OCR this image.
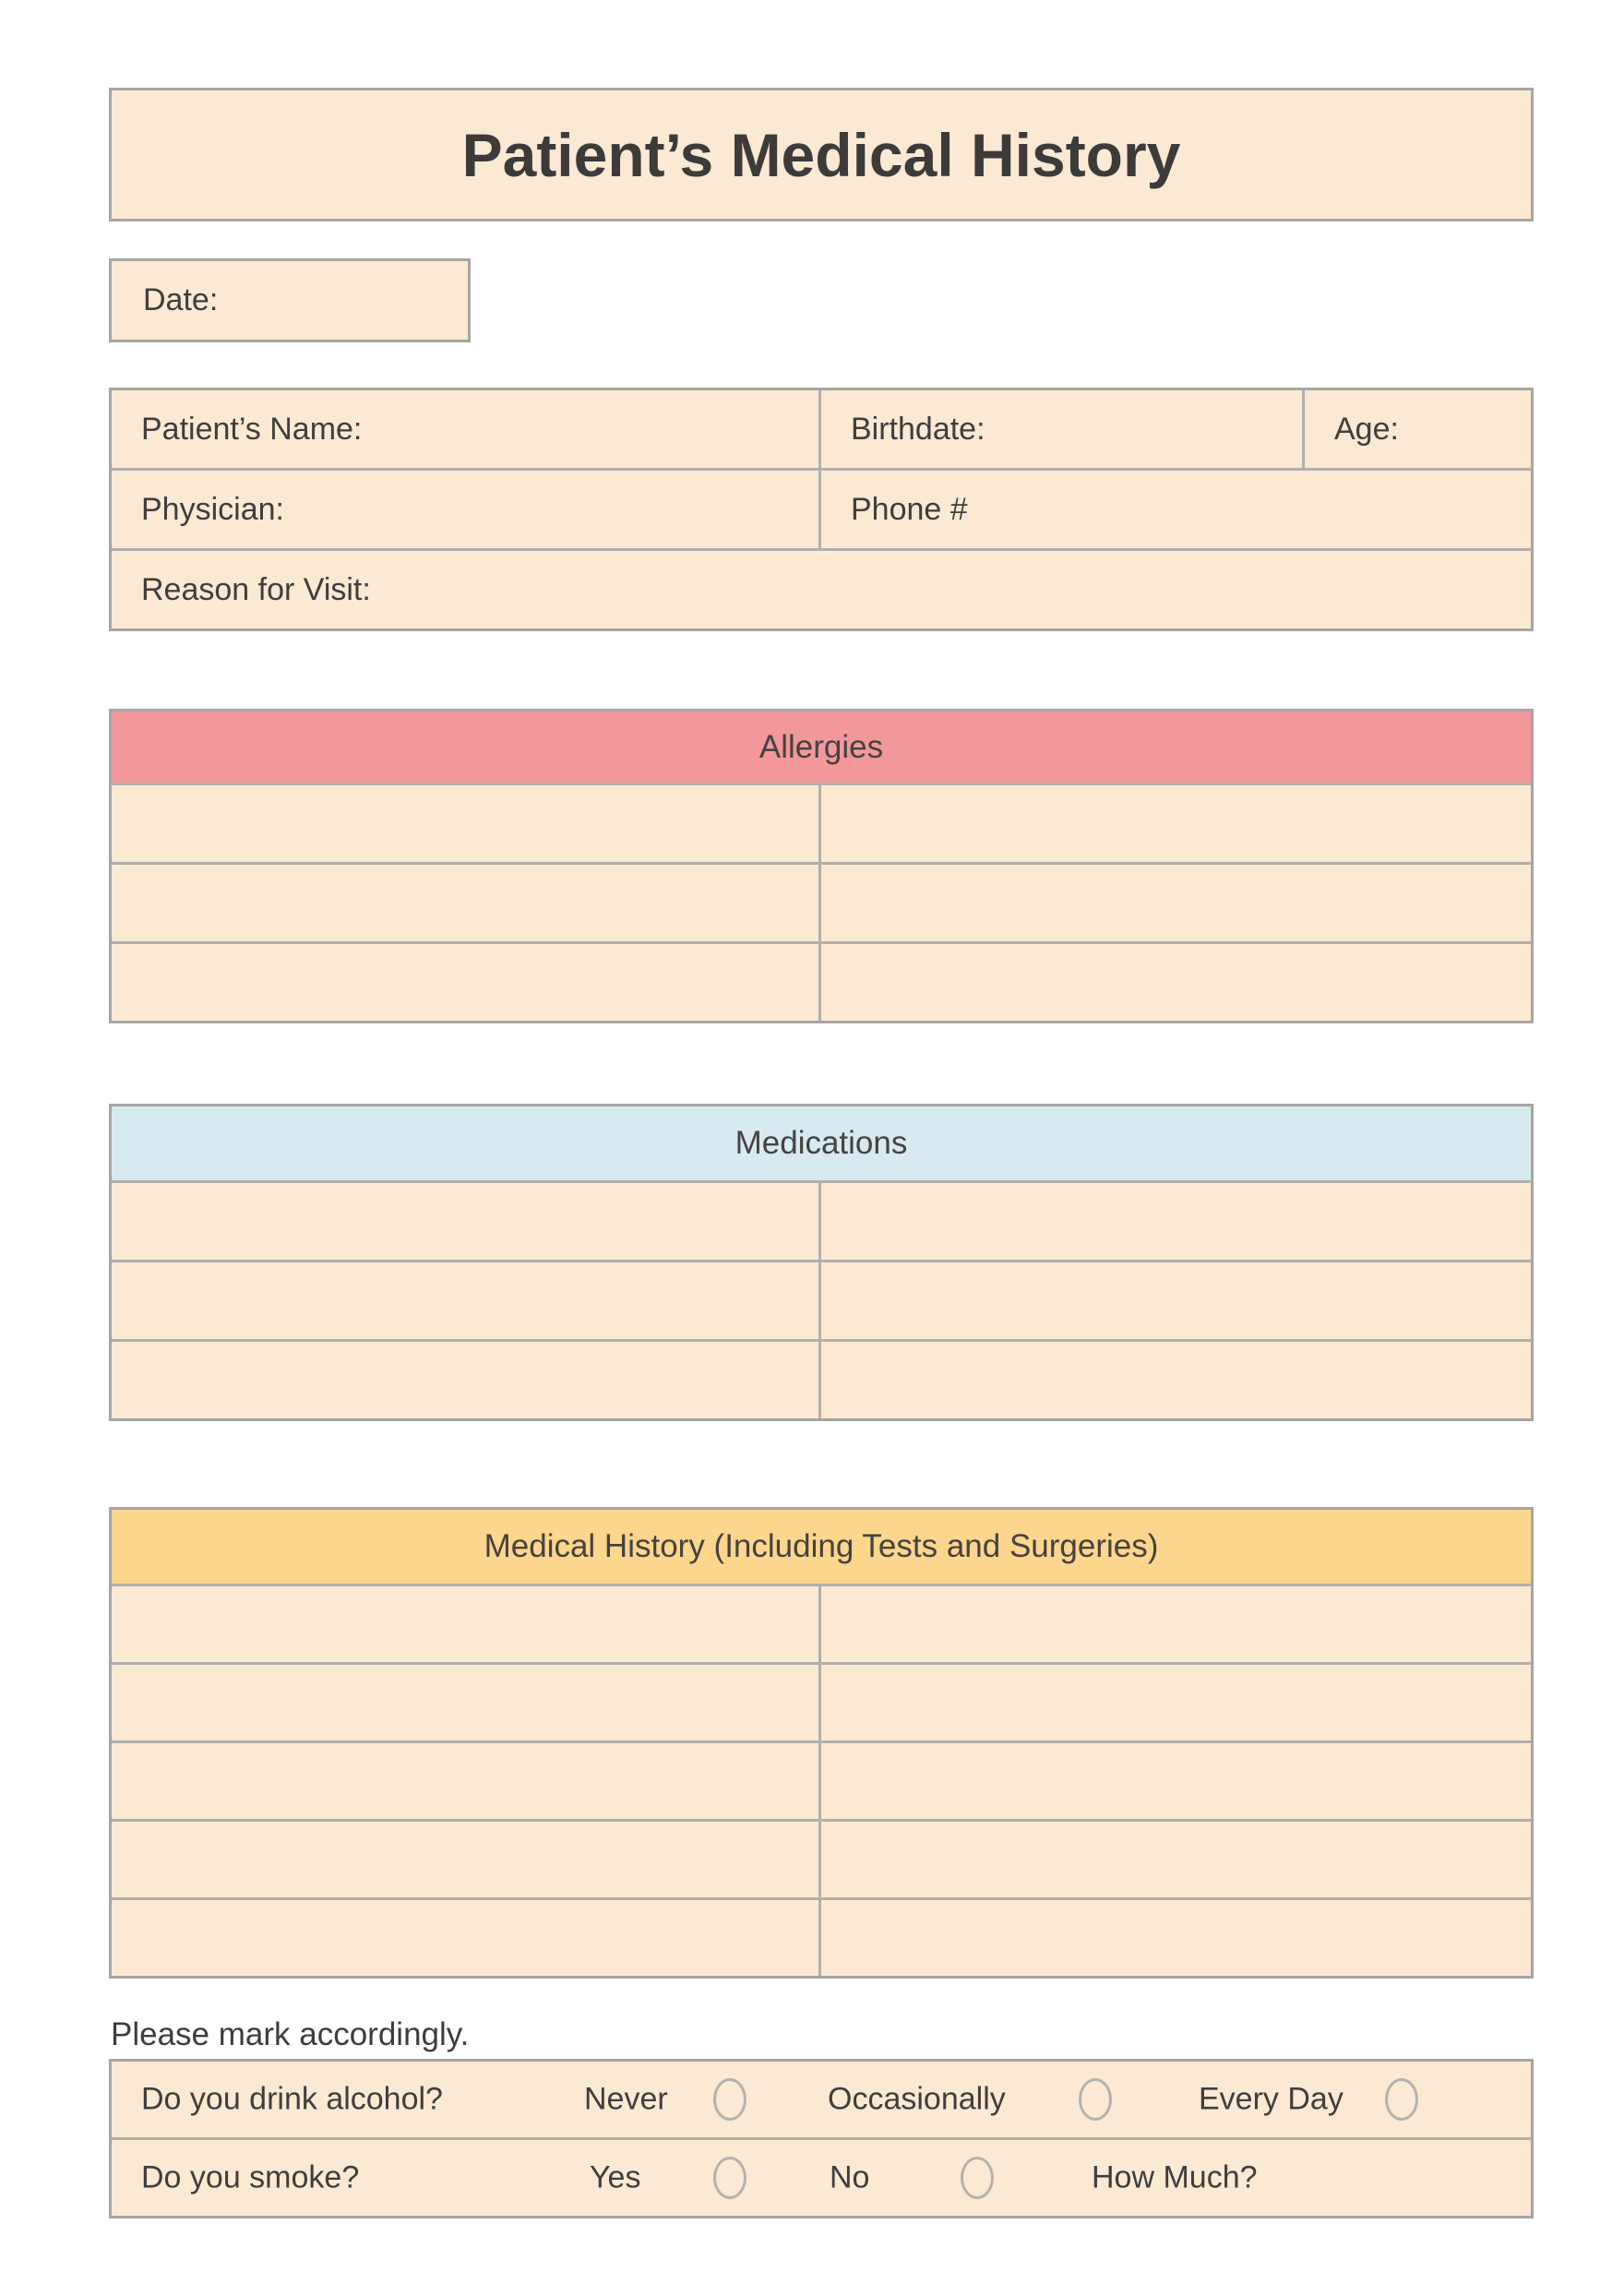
Patient’s Medical History
Date:
Patient’s Name:	Birthdate:	Age:
Physician:	Phone #
Reason for Visit:
Allergies
Medications
Medical History (Including Tests and Surgeries)
Please mark accordingly.
Do you drink alcohol?	Never	Occasionally	Every Day
Do you smoke?	Yes	No	How Much?
